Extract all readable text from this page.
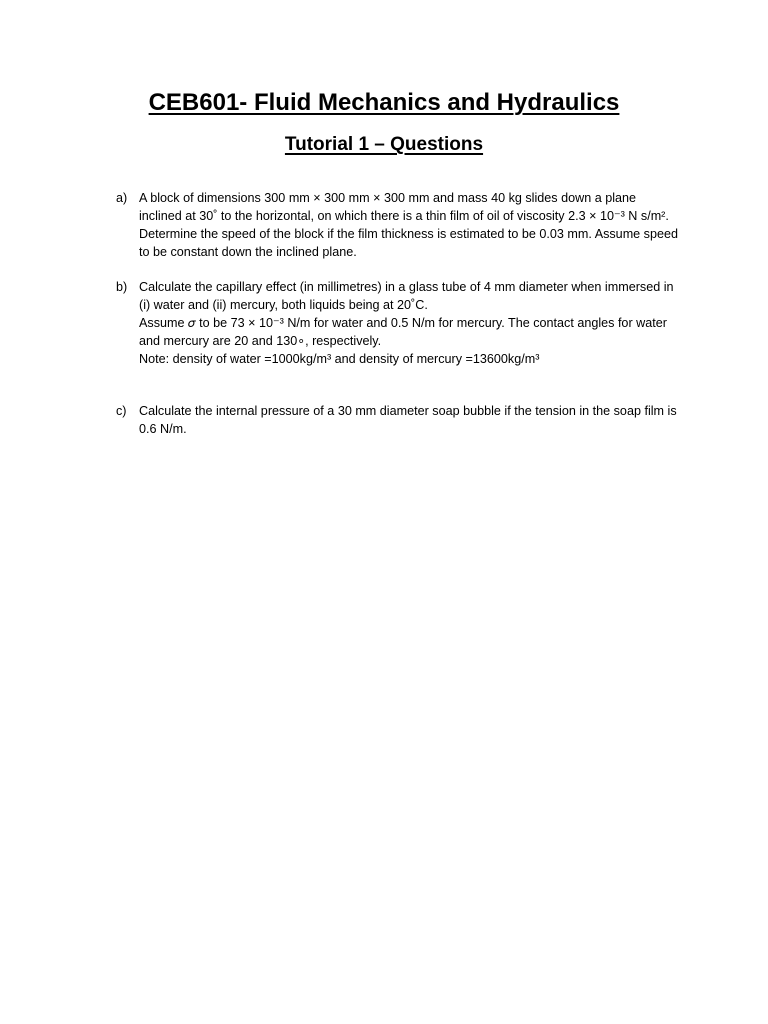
CEB601- Fluid Mechanics and Hydraulics
Tutorial 1 – Questions
a) A block of dimensions 300 mm × 300 mm × 300 mm and mass 40 kg slides down a plane inclined at 30˚ to the horizontal, on which there is a thin film of oil of viscosity 2.3 × 10⁻³ N s/m². Determine the speed of the block if the film thickness is estimated to be 0.03 mm. Assume speed to be constant down the inclined plane.

b) Calculate the capillary effect (in millimetres) in a glass tube of 4 mm diameter when immersed in (i) water and (ii) mercury, both liquids being at 20˚C.

Assume 𝜎 to be 73 × 10⁻³ N/m for water and 0.5 N/m for mercury. The contact angles for water and mercury are 20 and 130∘, respectively.

Note: density of water =1000kg/m³ and density of mercury =13600kg/m³

c) Calculate the internal pressure of a 30 mm diameter soap bubble if the tension in the soap film is 0.6 N/m.
